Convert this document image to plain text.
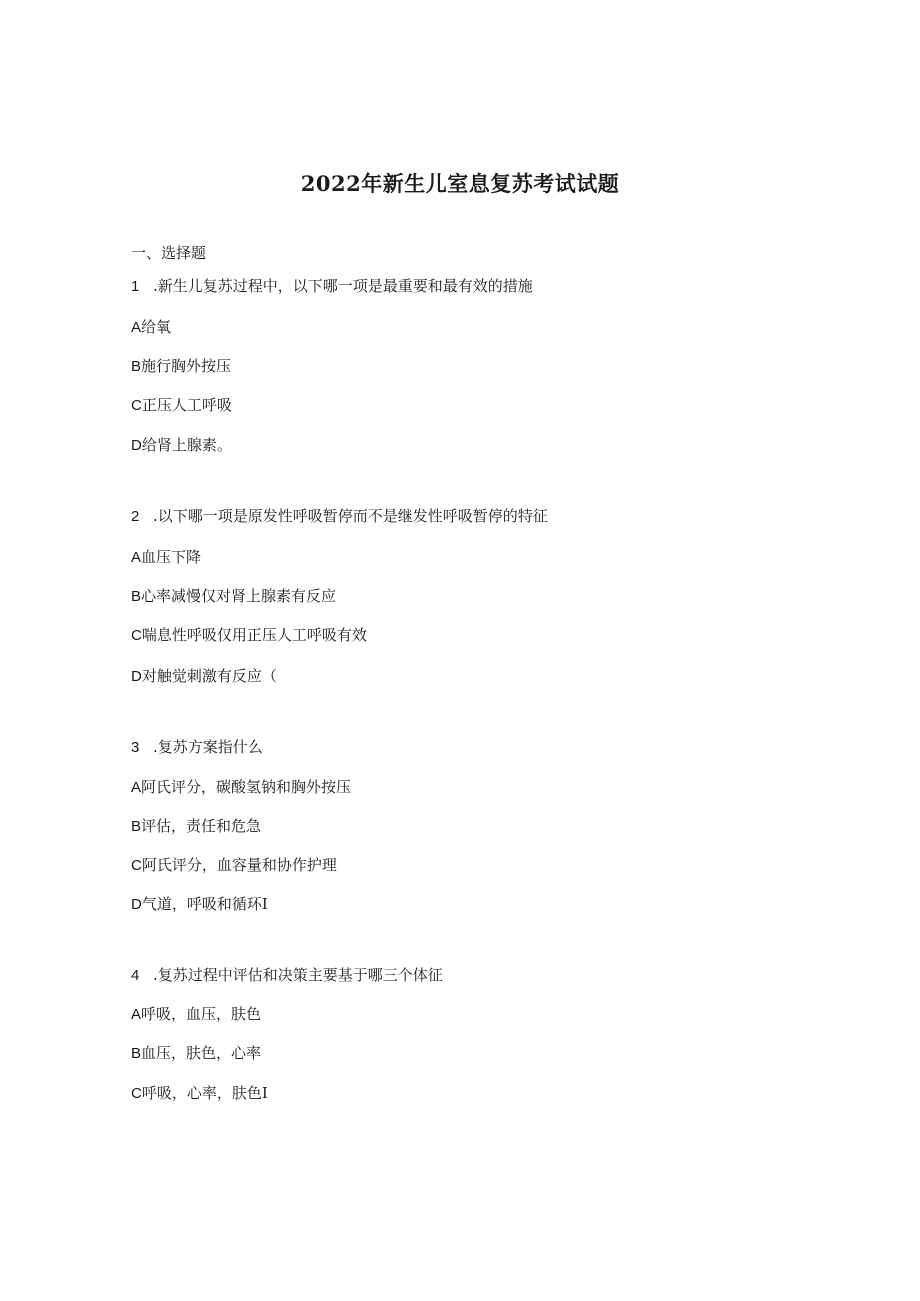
2022年新生儿室息复苏考试试题
一、选择题
1 .新生儿复苏过程中，以下哪一项是最重要和最有效的措施
A给氧
B施行胸外按压
C正压人工呼吸
D给肾上腺素。
2 .以下哪一项是原发性呼吸暂停而不是继发性呼吸暂停的特征
A血压下降
B心率减慢仅对肾上腺素有反应
C喘息性呼吸仅用正压人工呼吸有效
D对触觉刺激有反应（
3 .复苏方案指什么
A阿氏评分，碳酸氢钠和胸外按压
B评估，责任和危急
C阿氏评分，血容量和协作护理
D气道，呼吸和循环I
4 .复苏过程中评估和决策主要基于哪三个体征
A呼吸，血压，肤色
B血压，肤色，心率
C呼吸，心率，肤色I
